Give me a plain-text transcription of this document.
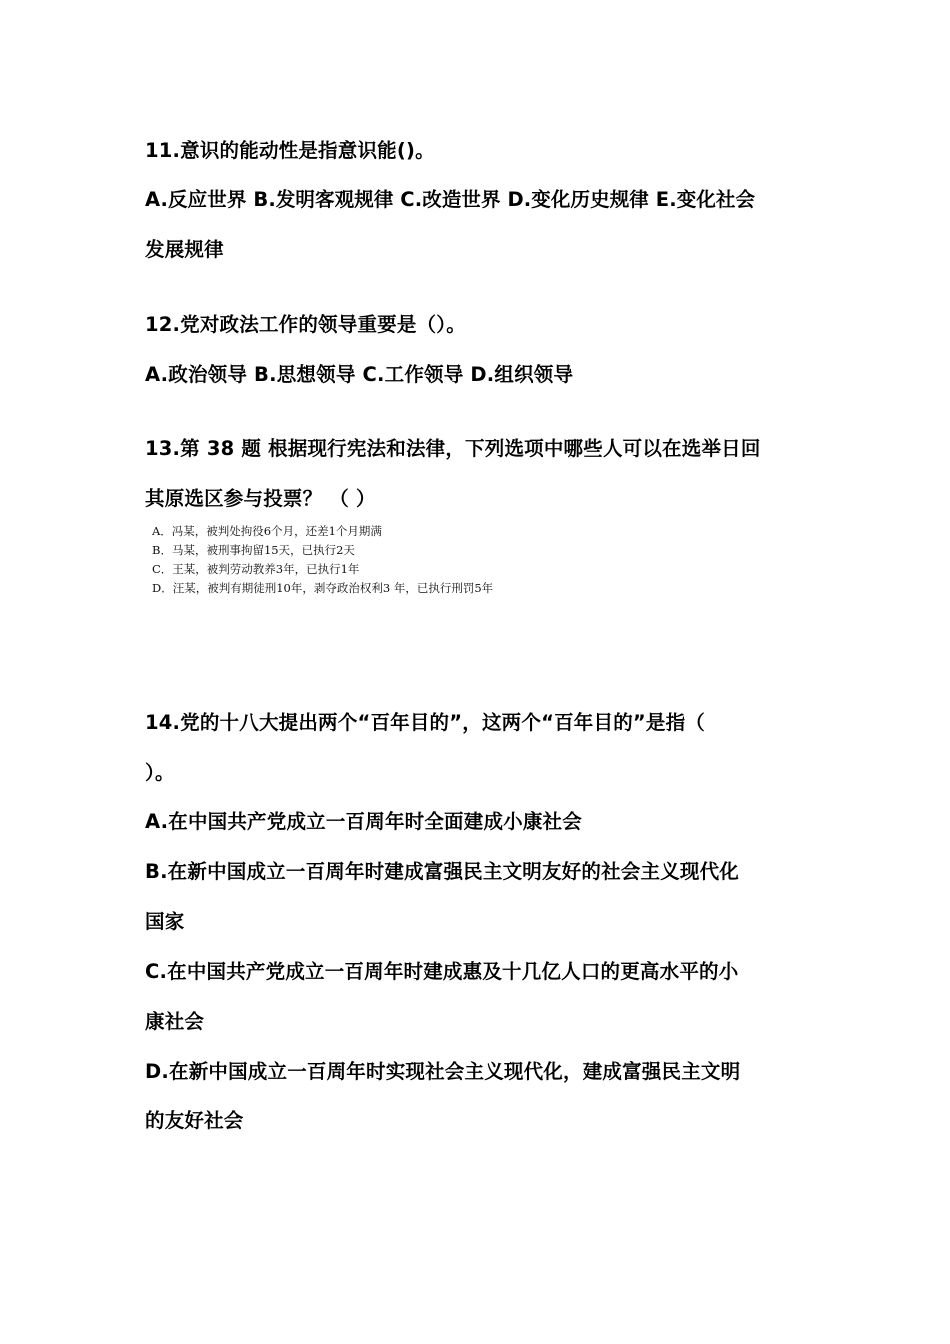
11.意识的能动性是指意识能()。
A.反应世界 B.发明客观规律 C.改造世界 D.变化历史规律 E.变化社会
发展规律
12.党对政法工作的领导重要是（）。
A.政治领导 B.思想领导 C.工作领导 D.组织领导
13.第 38 题 根据现行宪法和法律，下列选项中哪些人可以在选举日回
其原选区参与投票？ （ ）
A．冯某，被判处拘役6个月，还差1个月期满
B．马某，被刑事拘留15天，已执行2天
C．王某，被判劳动教养3年，已执行1年
D．汪某，被判有期徒刑10年，剥夺政治权利3 年，已执行刑罚5年
14.党的十八大提出两个“百年目的”，这两个“百年目的”是指（
）。
A.在中国共产党成立一百周年时全面建成小康社会
B.在新中国成立一百周年时建成富强民主文明友好的社会主义现代化
国家
C.在中国共产党成立一百周年时建成惠及十几亿人口的更高水平的小
康社会
D.在新中国成立一百周年时实现社会主义现代化，建成富强民主文明
的友好社会
